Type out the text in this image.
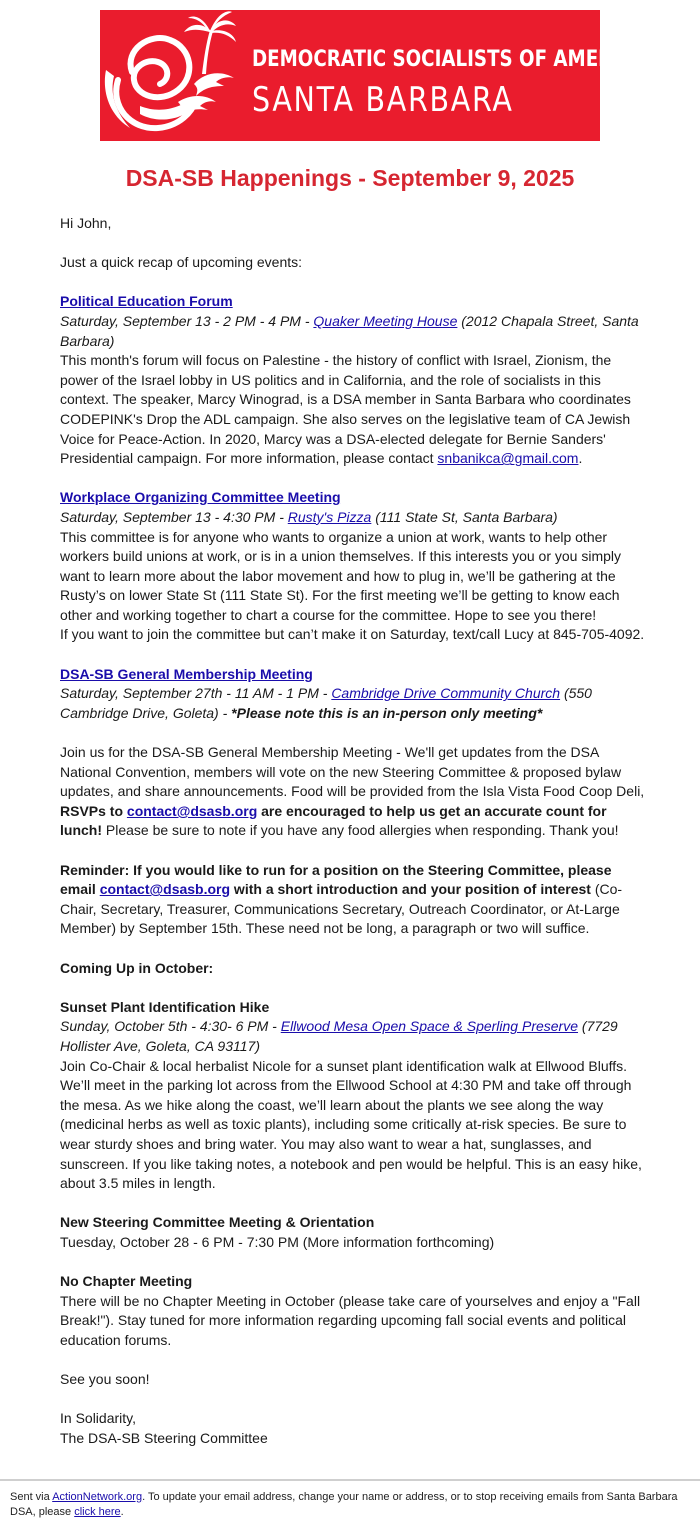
DEMOCRATIC SOCIALISTS OF AMERICA
SANTA BARBARA
DSA-SB Happenings - September 9, 2025

Hi John,

Just a quick recap of upcoming events:

Political Education Forum

Saturday, September 13 - 2 PM - 4 PM - Quaker Meeting House (2012 Chapala Street, Santa Barbara)

This month's forum will focus on Palestine - the history of conflict with Israel, Zionism, the power of the Israel lobby in US politics and in California, and the role of socialists in this context. The speaker, Marcy Winograd, is a DSA member in Santa Barbara who coordinates CODEPINK's Drop the ADL campaign. She also serves on the legislative team of CA Jewish Voice for Peace-Action. In 2020, Marcy was a DSA-elected delegate for Bernie Sanders' Presidential campaign. For more information, please contact snbanikca@gmail.com.

Workplace Organizing Committee Meeting

Saturday, September 13 - 4:30 PM - Rusty's Pizza (111 State St, Santa Barbara)

This committee is for anyone who wants to organize a union at work, wants to help other workers build unions at work, or is in a union themselves. If this interests you or you simply want to learn more about the labor movement and how to plug in, we’ll be gathering at the Rusty’s on lower State St (111 State St). For the first meeting we’ll be getting to know each other and working together to chart a course for the committee. Hope to see you there!

If you want to join the committee but can’t make it on Saturday, text/call Lucy at 845-705-4092.

DSA-SB General Membership Meeting

Saturday, September 27th - 11 AM - 1 PM - Cambridge Drive Community Church (550 Cambridge Drive, Goleta) - *Please note this is an in-person only meeting*

Join us for the DSA-SB General Membership Meeting - We'll get updates from the DSA National Convention, members will vote on the new Steering Committee & proposed bylaw updates, and share announcements. Food will be provided from the Isla Vista Food Coop Deli, RSVPs to contact@dsasb.org are encouraged to help us get an accurate count for lunch! Please be sure to note if you have any food allergies when responding. Thank you!

Reminder: If you would like to run for a position on the Steering Committee, please email contact@dsasb.org with a short introduction and your position of interest (Co-Chair, Secretary, Treasurer, Communications Secretary, Outreach Coordinator, or At-Large Member) by September 15th. These need not be long, a paragraph or two will suffice.

Coming Up in October:

Sunset Plant Identification Hike

Sunday, October 5th - 4:30- 6 PM - Ellwood Mesa Open Space & Sperling Preserve (7729 Hollister Ave, Goleta, CA 93117)

Join Co-Chair & local herbalist Nicole for a sunset plant identification walk at Ellwood Bluffs. We’ll meet in the parking lot across from the Ellwood School at 4:30 PM and take off through the mesa. As we hike along the coast, we’ll learn about the plants we see along the way (medicinal herbs as well as toxic plants), including some critically at-risk species. Be sure to wear sturdy shoes and bring water. You may also want to wear a hat, sunglasses, and sunscreen. If you like taking notes, a notebook and pen would be helpful. This is an easy hike, about 3.5 miles in length.

New Steering Committee Meeting & Orientation

Tuesday, October 28 - 6 PM - 7:30 PM (More information forthcoming)

No Chapter Meeting

There will be no Chapter Meeting in October (please take care of yourselves and enjoy a "Fall Break!"). Stay tuned for more information regarding upcoming fall social events and political education forums.

See you soon!

In Solidarity,

The DSA-SB Steering Committee

Sent via ActionNetwork.org. To update your email address, change your name or address, or to stop receiving emails from Santa Barbara DSA, please click here.
